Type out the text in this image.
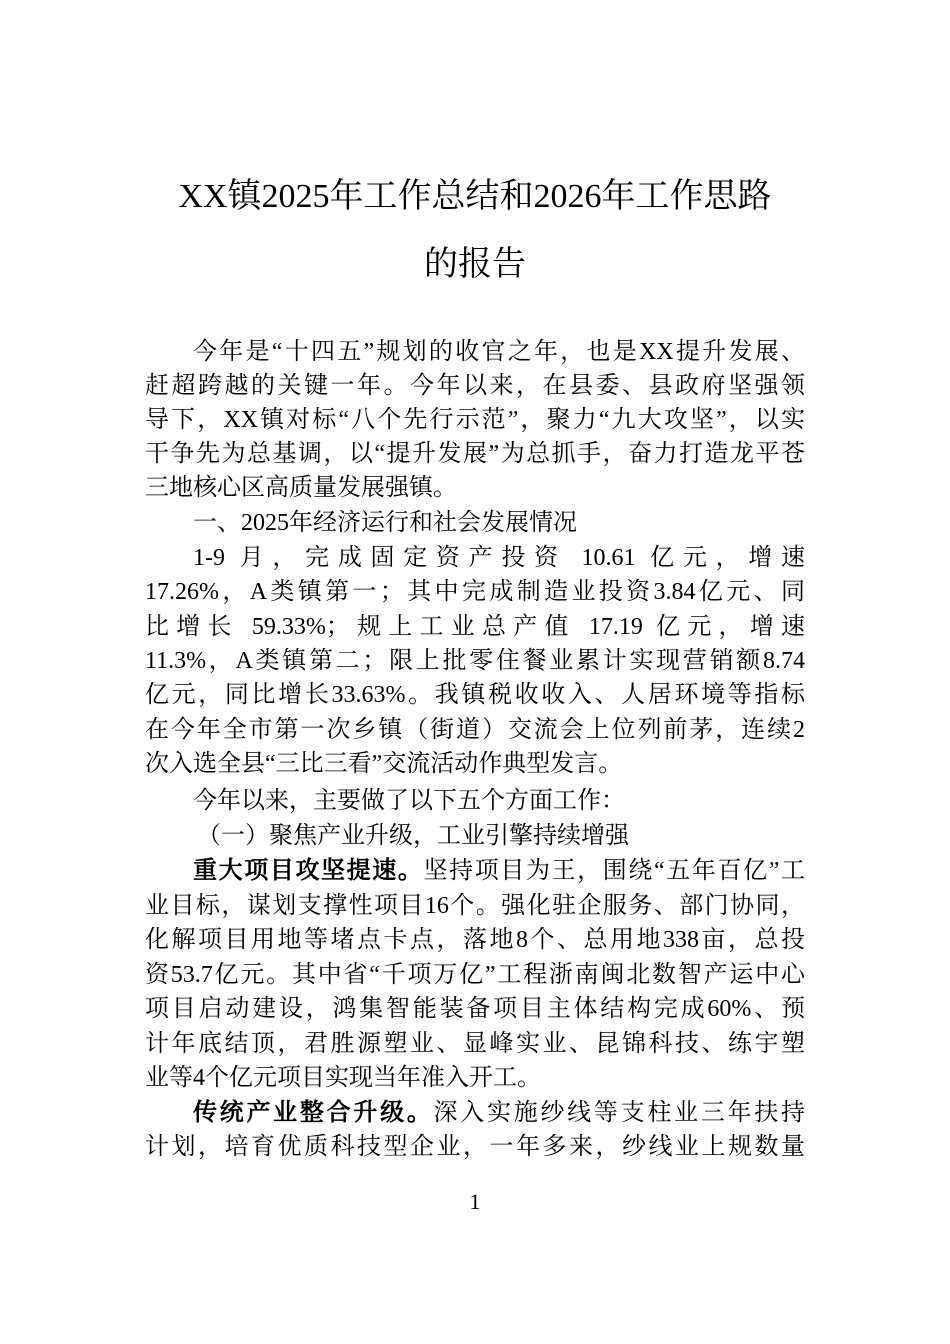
XX镇2025年工作总结和2026年工作思路
的报告
今年是“十四五”规划的收官之年，也是XX提升发展、
赶超跨越的关键一年。今年以来，在县委、县政府坚强领
导下，XX镇对标“八个先行示范”，聚力“九大攻坚”，以实
干争先为总基调，以“提升发展”为总抓手，奋力打造龙平苍
三地核心区高质量发展强镇。
一、2025年经济运行和社会发展情况
1-9 月，完成固定资产投资 10.61 亿元，增速
17.26%，A类镇第一；其中完成制造业投资3.84亿元、同
比增长 59.33%；规上工业总产值 17.19 亿元，增速
11.3%，A类镇第二；限上批零住餐业累计实现营销额8.74
亿元，同比增长33.63%。我镇税收收入、人居环境等指标
在今年全市第一次乡镇（街道）交流会上位列前茅，连续2
次入选全县“三比三看”交流活动作典型发言。
今年以来，主要做了以下五个方面工作：
（一）聚焦产业升级，工业引擎持续增强
重大项目攻坚提速。坚持项目为王，围绕“五年百亿”工
业目标，谋划支撑性项目16个。强化驻企服务、部门协同，
化解项目用地等堵点卡点，落地8个、总用地338亩，总投
资53.7亿元。其中省“千项万亿”工程浙南闽北数智产运中心
项目启动建设，鸿集智能装备项目主体结构完成60%、预
计年底结顶，君胜源塑业、显峰实业、昆锦科技、练宇塑
业等4个亿元项目实现当年准入开工。
传统产业整合升级。深入实施纱线等支柱业三年扶持
计划，培育优质科技型企业，一年多来，纱线业上规数量
1
